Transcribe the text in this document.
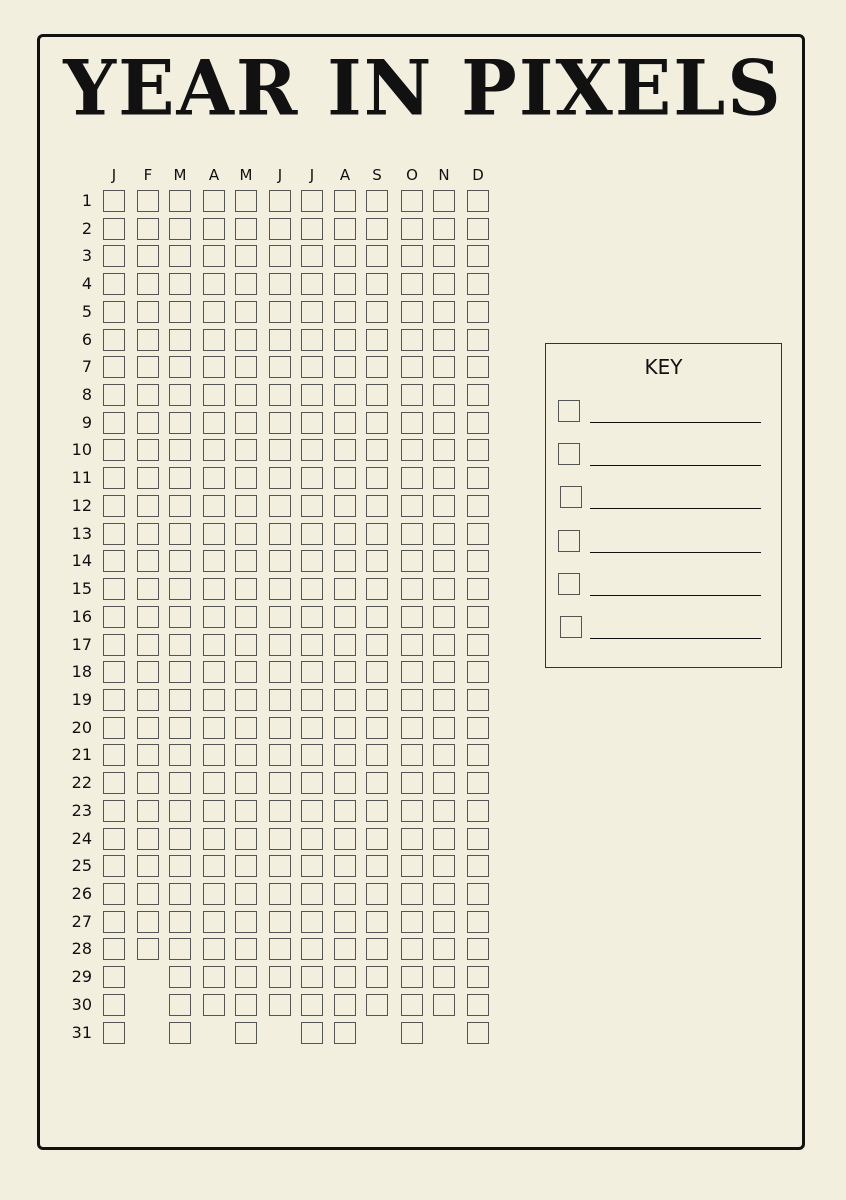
YEAR IN PIXELS
J	F	M	A	M	J	J	A	S	O	N	D
1
2
3
4
5
6
7
8
9
10
11
12
13
14
15
16
17
18
19
20
21
22
23
24
25
26
27
28
29
30
31
KEY
